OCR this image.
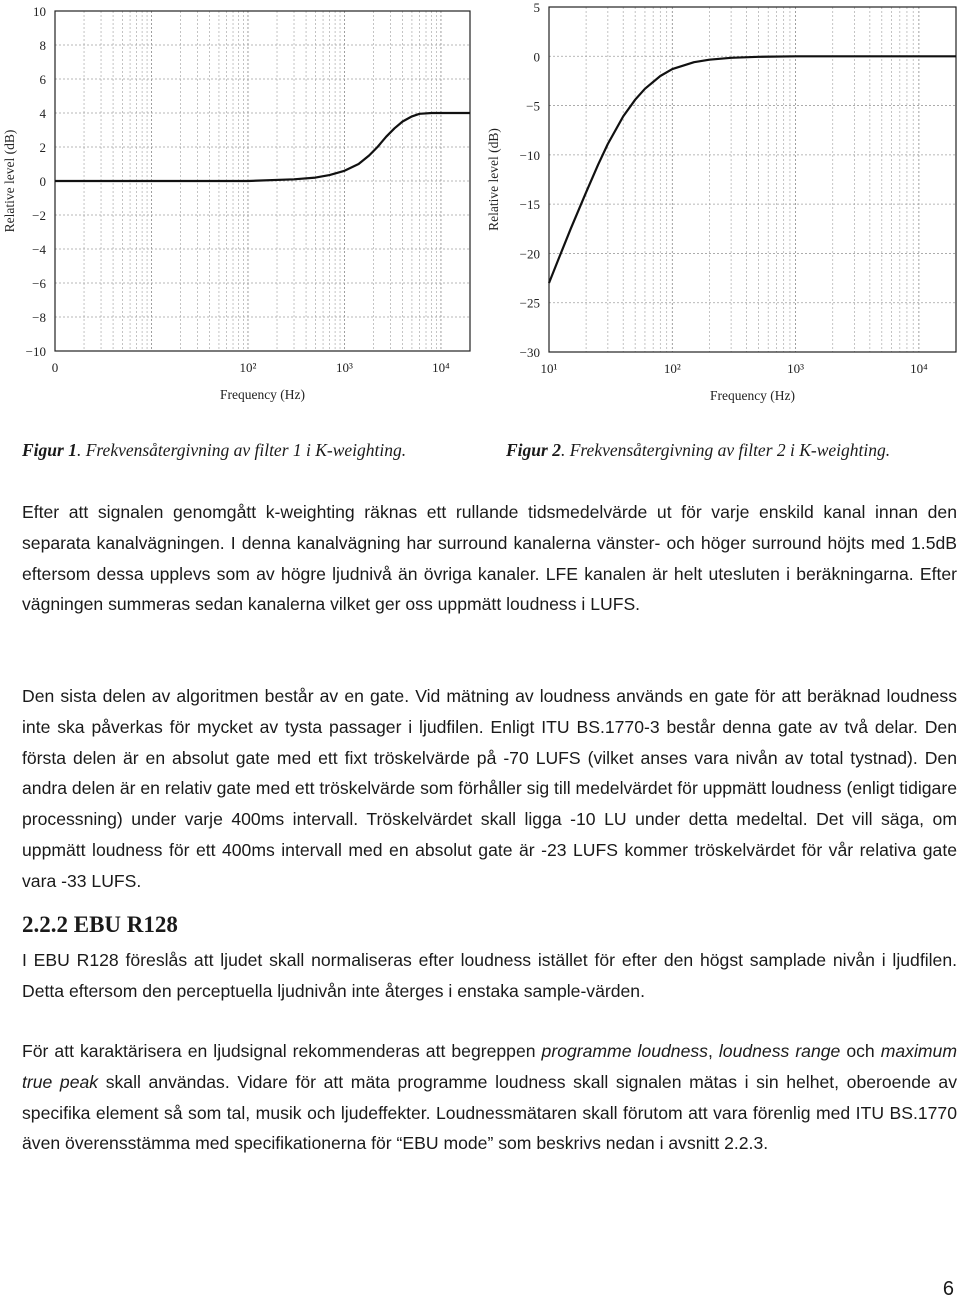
10
8
6
4
2
0
−2
−4
−6
−8
−10
0	10²	10³	10⁴
Frequency (Hz)
Relative level (dB)
5
0
−5
−10
−15
−20
−25
−30
10¹	10²	10³	10⁴
Frequency (Hz)
Relative level (dB)
Figur 1. Frekvensåtergivning av filter 1 i K-weighting.	Figur 2. Frekvensåtergivning av filter 2 i K-weighting.

Efter att signalen genomgått k-weighting räknas ett rullande tidsmedelvärde ut för varje enskild kanal innan den separata kanalvägningen. I denna kanalvägning har surround kanalerna vänster- och höger surround höjts med 1.5dB eftersom dessa upplevs som av högre ljudnivå än övriga kanaler. LFE kanalen är helt utesluten i beräkningarna. Efter vägningen summeras sedan kanalerna vilket ger oss uppmätt loudness i LUFS.

Den sista delen av algoritmen består av en gate. Vid mätning av loudness används en gate för att beräknad loudness inte ska påverkas för mycket av tysta passager i ljudfilen. Enligt ITU BS.1770-3 består denna gate av två delar. Den första delen är en absolut gate med ett fixt tröskelvärde på -70 LUFS (vilket anses vara nivån av total tystnad). Den andra delen är en relativ gate med ett tröskelvärde som förhåller sig till medelvärdet för uppmätt loudness (enligt tidigare processning) under varje 400ms intervall. Tröskelvärdet skall ligga -10 LU under detta medeltal. Det vill säga, om uppmätt loudness för ett 400ms intervall med en absolut gate är -23 LUFS kommer tröskelvärdet för vår relativa gate vara -33 LUFS.

2.2.2 EBU R128

I EBU R128 föreslås att ljudet skall normaliseras efter loudness istället för efter den högst samplade nivån i ljudfilen. Detta eftersom den perceptuella ljudnivån inte återges i enstaka sample-värden.

För att karaktärisera en ljudsignal rekommenderas att begreppen programme loudness, loudness range och maximum true peak skall användas. Vidare för att mäta programme loudness skall signalen mätas i sin helhet, oberoende av specifika element så som tal, musik och ljudeffekter. Loudnessmätaren skall förutom att vara förenlig med ITU BS.1770 även överensstämma med specifikationerna för “EBU mode” som beskrivs nedan i avsnitt 2.2.3.

6
